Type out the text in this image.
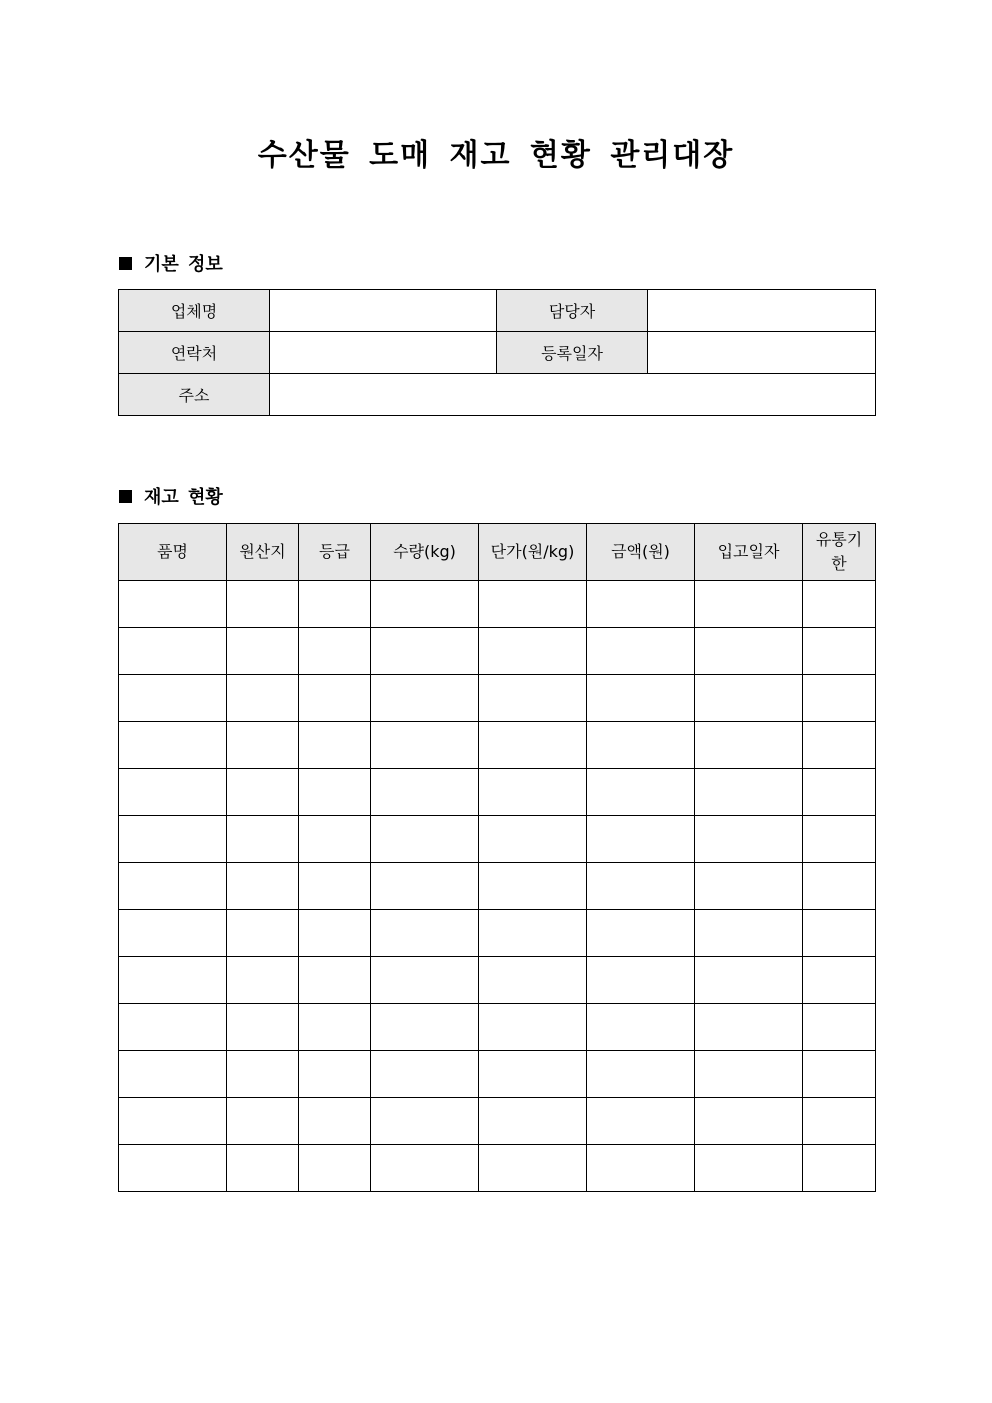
수산물 도매 재고 현황 관리대장
기본 정보
업체명		담당자	
연락처		등록일자	
주소			
재고 현황
품명	원산지	등급	수량(kg)	단가(원/kg)	금액(원)	입고일자	유통기한
